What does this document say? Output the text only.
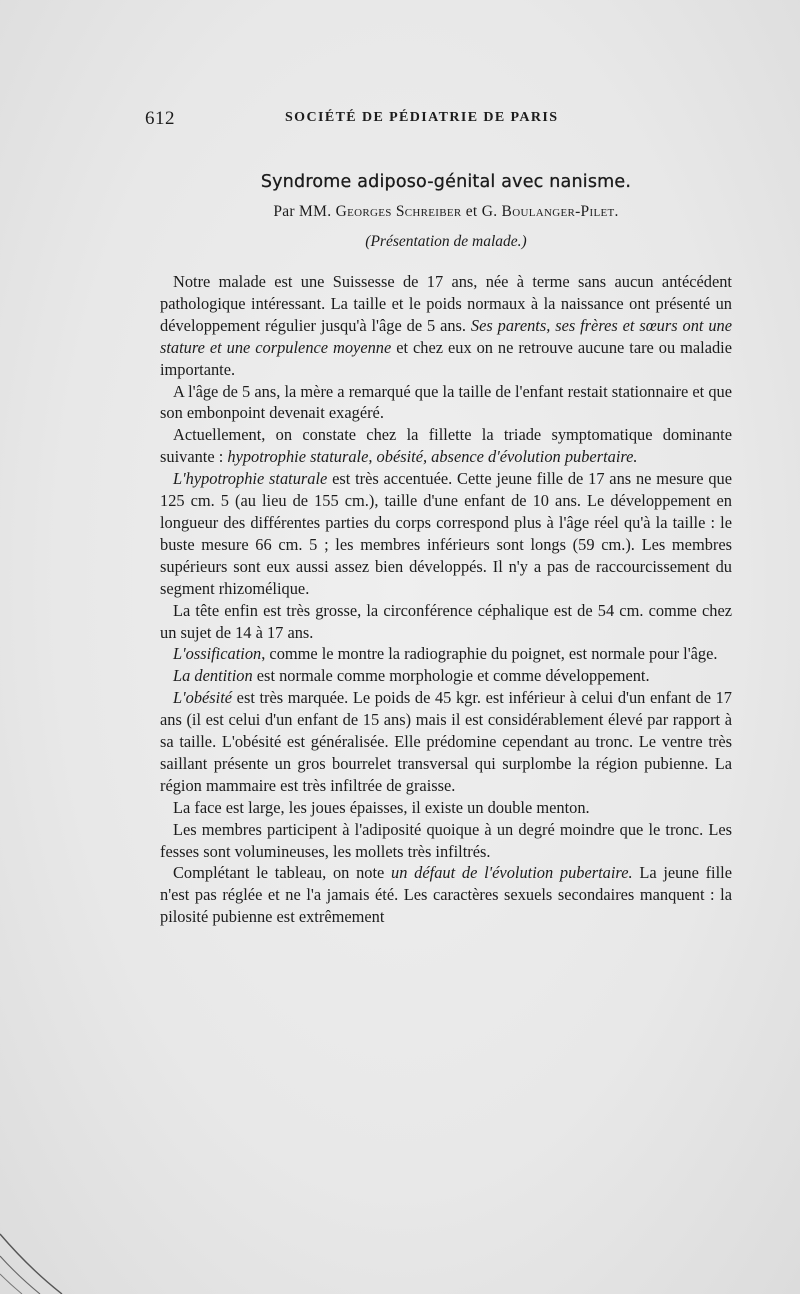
612	SOCIÉTÉ DE PÉDIATRIE DE PARIS
Syndrome adiposo-génital avec nanisme.

Par MM. Georges Schreiber et G. Boulanger-Pilet.

(Présentation de malade.)

Notre malade est une Suissesse de 17 ans, née à terme sans aucun antécédent pathologique intéressant. La taille et le poids normaux à la naissance ont présenté un développement régulier jusqu'à l'âge de 5 ans. Ses parents, ses frères et sœurs ont une stature et une corpulence moyenne et chez eux on ne retrouve aucune tare ou maladie importante.

A l'âge de 5 ans, la mère a remarqué que la taille de l'enfant restait stationnaire et que son embonpoint devenait exagéré.

Actuellement, on constate chez la fillette la triade symptomatique dominante suivante : hypotrophie staturale, obésité, absence d'évolution pubertaire.

L'hypotrophie staturale est très accentuée. Cette jeune fille de 17 ans ne mesure que 125 cm. 5 (au lieu de 155 cm.), taille d'une enfant de 10 ans. Le développement en longueur des différentes parties du corps correspond plus à l'âge réel qu'à la taille : le buste mesure 66 cm. 5 ; les membres inférieurs sont longs (59 cm.). Les membres supérieurs sont eux aussi assez bien développés. Il n'y a pas de raccourcissement du segment rhizomélique.

La tête enfin est très grosse, la circonférence céphalique est de 54 cm. comme chez un sujet de 14 à 17 ans.

L'ossification, comme le montre la radiographie du poignet, est normale pour l'âge.

La dentition est normale comme morphologie et comme développement.

L'obésité est très marquée. Le poids de 45 kgr. est inférieur à celui d'un enfant de 17 ans (il est celui d'un enfant de 15 ans) mais il est considérablement élevé par rapport à sa taille. L'obésité est généralisée. Elle prédomine cependant au tronc. Le ventre très saillant présente un gros bourrelet transversal qui surplombe la région pubienne. La région mammaire est très infiltrée de graisse.

La face est large, les joues épaisses, il existe un double menton.

Les membres participent à l'adiposité quoique à un degré moindre que le tronc. Les fesses sont volumineuses, les mollets très infiltrés.

Complétant le tableau, on note un défaut de l'évolution pubertaire. La jeune fille n'est pas réglée et ne l'a jamais été. Les caractères sexuels secondaires manquent : la pilosité pubienne est extrêmement
